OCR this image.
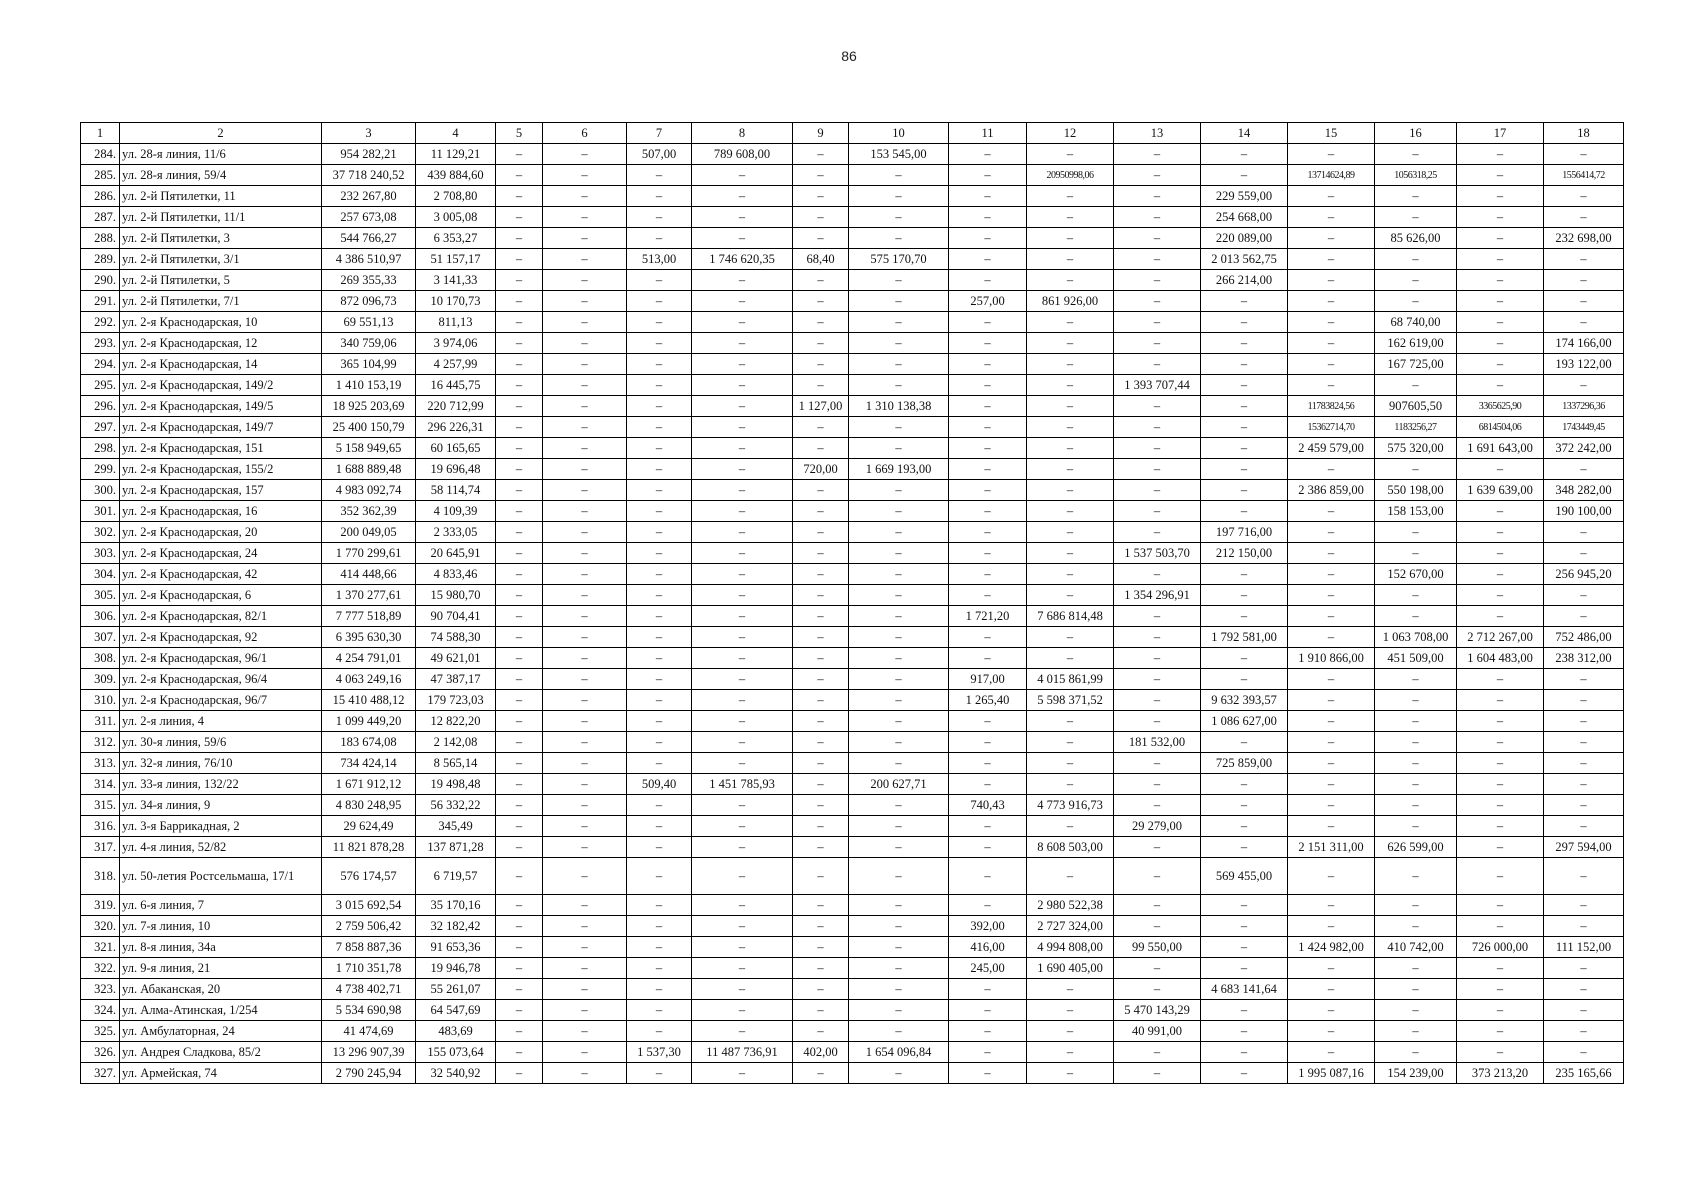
86
1	2	3	4	5	6	7	8	9	10	11	12	13	14	15	16	17	18
284.	ул. 28-я линия, 11/6	954 282,21	11 129,21	–	–	507,00	789 608,00	–	153 545,00	–	–	–	–	–	–	–	–
285.	ул. 28-я линия, 59/4	37 718 240,52	439 884,60	–	–	–	–	–	–	–	20950998,06	–	–	13714624,89	1056318,25	–	1556414,72
286.	ул. 2-й Пятилетки, 11	232 267,80	2 708,80	–	–	–	–	–	–	–	–	–	229 559,00	–	–	–	–
287.	ул. 2-й Пятилетки, 11/1	257 673,08	3 005,08	–	–	–	–	–	–	–	–	–	254 668,00	–	–	–	–
288.	ул. 2-й Пятилетки, 3	544 766,27	6 353,27	–	–	–	–	–	–	–	–	–	220 089,00	–	85 626,00	–	232 698,00
289.	ул. 2-й Пятилетки, 3/1	4 386 510,97	51 157,17	–	–	513,00	1 746 620,35	68,40	575 170,70	–	–	–	2 013 562,75	–	–	–	–
290.	ул. 2-й Пятилетки, 5	269 355,33	3 141,33	–	–	–	–	–	–	–	–	–	266 214,00	–	–	–	–
291.	ул. 2-й Пятилетки, 7/1	872 096,73	10 170,73	–	–	–	–	–	–	257,00	861 926,00	–	–	–	–	–	–
292.	ул. 2-я Краснодарская, 10	69 551,13	811,13	–	–	–	–	–	–	–	–	–	–	–	68 740,00	–	–
293.	ул. 2-я Краснодарская, 12	340 759,06	3 974,06	–	–	–	–	–	–	–	–	–	–	–	162 619,00	–	174 166,00
294.	ул. 2-я Краснодарская, 14	365 104,99	4 257,99	–	–	–	–	–	–	–	–	–	–	–	167 725,00	–	193 122,00
295.	ул. 2-я Краснодарская, 149/2	1 410 153,19	16 445,75	–	–	–	–	–	–	–	–	1 393 707,44	–	–	–	–	–
296.	ул. 2-я Краснодарская, 149/5	18 925 203,69	220 712,99	–	–	–	–	1 127,00	1 310 138,38	–	–	–	–	11783824,56	907605,50	3365625,90	1337296,36
297.	ул. 2-я Краснодарская, 149/7	25 400 150,79	296 226,31	–	–	–	–	–	–	–	–	–	–	15362714,70	1183256,27	6814504,06	1743449,45
298.	ул. 2-я Краснодарская, 151	5 158 949,65	60 165,65	–	–	–	–	–	–	–	–	–	–	2 459 579,00	575 320,00	1 691 643,00	372 242,00
299.	ул. 2-я Краснодарская, 155/2	1 688 889,48	19 696,48	–	–	–	–	720,00	1 669 193,00	–	–	–	–	–	–	–	–
300.	ул. 2-я Краснодарская, 157	4 983 092,74	58 114,74	–	–	–	–	–	–	–	–	–	–	2 386 859,00	550 198,00	1 639 639,00	348 282,00
301.	ул. 2-я Краснодарская, 16	352 362,39	4 109,39	–	–	–	–	–	–	–	–	–	–	–	158 153,00	–	190 100,00
302.	ул. 2-я Краснодарская, 20	200 049,05	2 333,05	–	–	–	–	–	–	–	–	–	197 716,00	–	–	–	–
303.	ул. 2-я Краснодарская, 24	1 770 299,61	20 645,91	–	–	–	–	–	–	–	–	1 537 503,70	212 150,00	–	–	–	–
304.	ул. 2-я Краснодарская, 42	414 448,66	4 833,46	–	–	–	–	–	–	–	–	–	–	–	152 670,00	–	256 945,20
305.	ул. 2-я Краснодарская, 6	1 370 277,61	15 980,70	–	–	–	–	–	–	–	–	1 354 296,91	–	–	–	–	–
306.	ул. 2-я Краснодарская, 82/1	7 777 518,89	90 704,41	–	–	–	–	–	–	1 721,20	7 686 814,48	–	–	–	–	–	–
307.	ул. 2-я Краснодарская, 92	6 395 630,30	74 588,30	–	–	–	–	–	–	–	–	–	1 792 581,00	–	1 063 708,00	2 712 267,00	752 486,00
308.	ул. 2-я Краснодарская, 96/1	4 254 791,01	49 621,01	–	–	–	–	–	–	–	–	–	–	1 910 866,00	451 509,00	1 604 483,00	238 312,00
309.	ул. 2-я Краснодарская, 96/4	4 063 249,16	47 387,17	–	–	–	–	–	–	917,00	4 015 861,99	–	–	–	–	–	–
310.	ул. 2-я Краснодарская, 96/7	15 410 488,12	179 723,03	–	–	–	–	–	–	1 265,40	5 598 371,52	–	9 632 393,57	–	–	–	–
311.	ул. 2-я линия, 4	1 099 449,20	12 822,20	–	–	–	–	–	–	–	–	–	1 086 627,00	–	–	–	–
312.	ул. 30-я линия, 59/6	183 674,08	2 142,08	–	–	–	–	–	–	–	–	181 532,00	–	–	–	–	–
313.	ул. 32-я линия, 76/10	734 424,14	8 565,14	–	–	–	–	–	–	–	–	–	725 859,00	–	–	–	–
314.	ул. 33-я линия, 132/22	1 671 912,12	19 498,48	–	–	509,40	1 451 785,93	–	200 627,71	–	–	–	–	–	–	–	–
315.	ул. 34-я линия, 9	4 830 248,95	56 332,22	–	–	–	–	–	–	740,43	4 773 916,73	–	–	–	–	–	–
316.	ул. 3-я Баррикадная, 2	29 624,49	345,49	–	–	–	–	–	–	–	–	29 279,00	–	–	–	–	–
317.	ул. 4-я линия, 52/82	11 821 878,28	137 871,28	–	–	–	–	–	–	–	8 608 503,00	–	–	2 151 311,00	626 599,00	–	297 594,00
318.	ул. 50-летия Ростсельмаша, 17/1	576 174,57	6 719,57	–	–	–	–	–	–	–	–	–	569 455,00	–	–	–	–
319.	ул. 6-я линия, 7	3 015 692,54	35 170,16	–	–	–	–	–	–	–	2 980 522,38	–	–	–	–	–	–
320.	ул. 7-я линия, 10	2 759 506,42	32 182,42	–	–	–	–	–	–	392,00	2 727 324,00	–	–	–	–	–	–
321.	ул. 8-я линия, 34а	7 858 887,36	91 653,36	–	–	–	–	–	–	416,00	4 994 808,00	99 550,00	–	1 424 982,00	410 742,00	726 000,00	111 152,00
322.	ул. 9-я линия, 21	1 710 351,78	19 946,78	–	–	–	–	–	–	245,00	1 690 405,00	–	–	–	–	–	–
323.	ул. Абаканская, 20	4 738 402,71	55 261,07	–	–	–	–	–	–	–	–	–	4 683 141,64	–	–	–	–
324.	ул. Алма-Атинская, 1/254	5 534 690,98	64 547,69	–	–	–	–	–	–	–	–	5 470 143,29	–	–	–	–	–
325.	ул. Амбулаторная, 24	41 474,69	483,69	–	–	–	–	–	–	–	–	40 991,00	–	–	–	–	–
326.	ул. Андрея Сладкова, 85/2	13 296 907,39	155 073,64	–	–	1 537,30	11 487 736,91	402,00	1 654 096,84	–	–	–	–	–	–	–	–
327.	ул. Армейская, 74	2 790 245,94	32 540,92	–	–	–	–	–	–	–	–	–	–	1 995 087,16	154 239,00	373 213,20	235 165,66
